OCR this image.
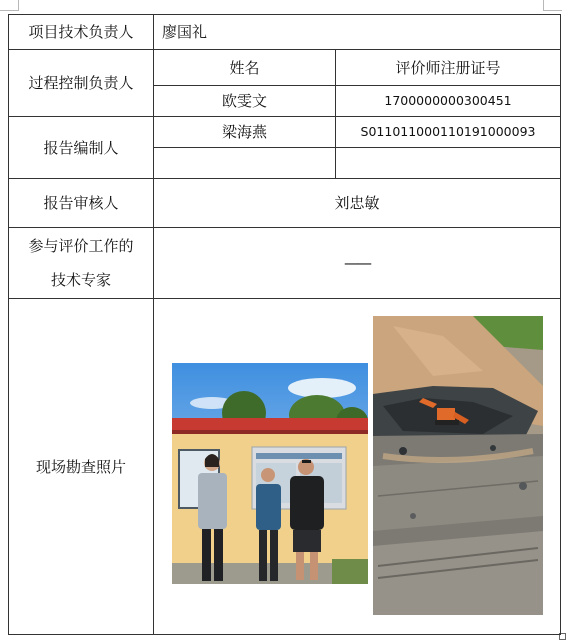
项目技术负责人	廖国礼	
过程控制负责人	姓名	评价师注册证号
	欧雯文	1700000000300451
报告编制人	梁海燕	S011011000110191000093

报告审核人	刘忠敏	

参与评价工作的
技术专家	——	
现场勘查照片		
